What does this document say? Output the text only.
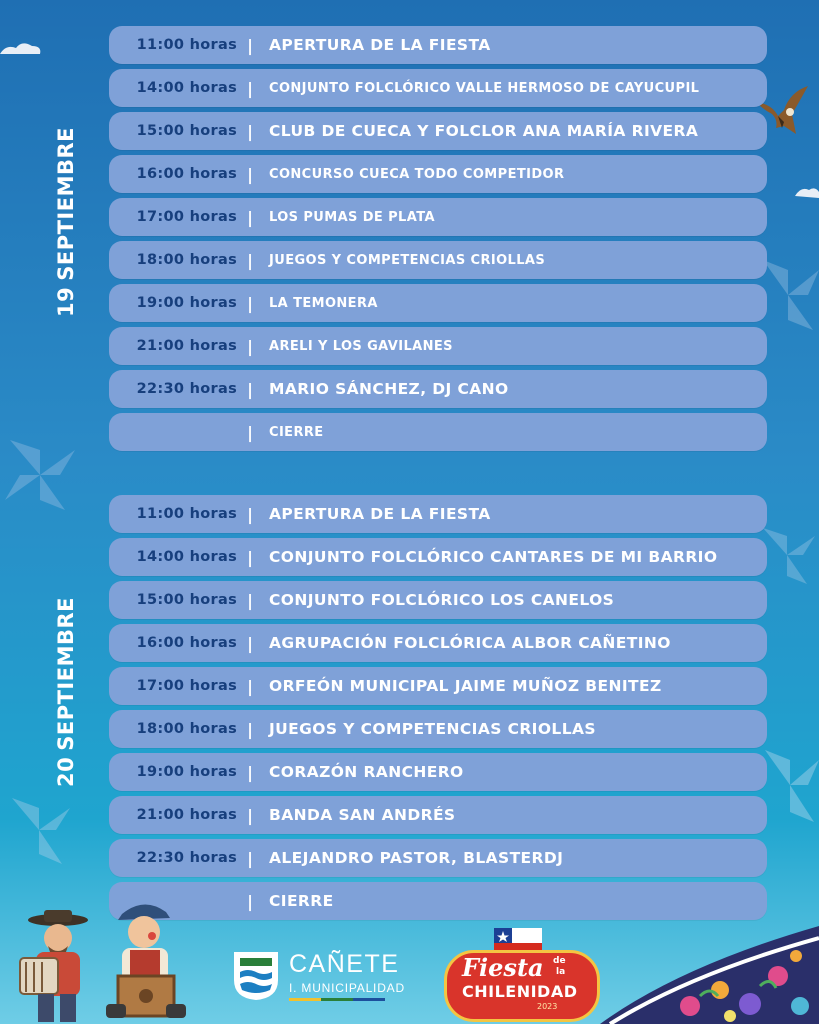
19SEPTIEMBRE
20SEPTIEMBRE
11:00 horas |	APERTURA DE LA FIESTA
14:00 horas |	CONJUNTO FOLCLÓRICO VALLE HERMOSO DE CAYUCUPIL
15:00 horas |	CLUB DE CUECA Y FOLCLOR ANA MARÍA RIVERA
16:00 horas |	CONCURSO CUECA TODO COMPETIDOR
17:00 horas |	LOS PUMAS DE PLATA
18:00 horas |	JUEGOS Y COMPETENCIAS CRIOLLAS
19:00 horas |	LA TEMONERA
21:00 horas |	ARELI Y LOS GAVILANES
22:30 horas |	MARIO SÁNCHEZ, DJ CANO
|	CIERRE
11:00 horas |	APERTURA DE LA FIESTA
14:00 horas |	CONJUNTO FOLCLÓRICO CANTARES DE MI BARRIO
15:00 horas |	CONJUNTO FOLCLÓRICO LOS CANELOS
16:00 horas |	AGRUPACIÓN FOLCLÓRICA ALBOR CAÑETINO
17:00 horas |	ORFEÓN MUNICIPAL JAIME MUÑOZ BENITEZ
18:00 horas |	JUEGOS Y COMPETENCIAS CRIOLLAS
19:00 horas |	CORAZÓN RANCHERO
21:00 horas |	BANDA SAN ANDRÉS
22:30 horas |	ALEJANDRO PASTOR, BLASTERDJ
|	CIERRE
CAÑETE
I. MUNICIPALIDAD
Fiesta de
la
CHILENIDAD
2023
